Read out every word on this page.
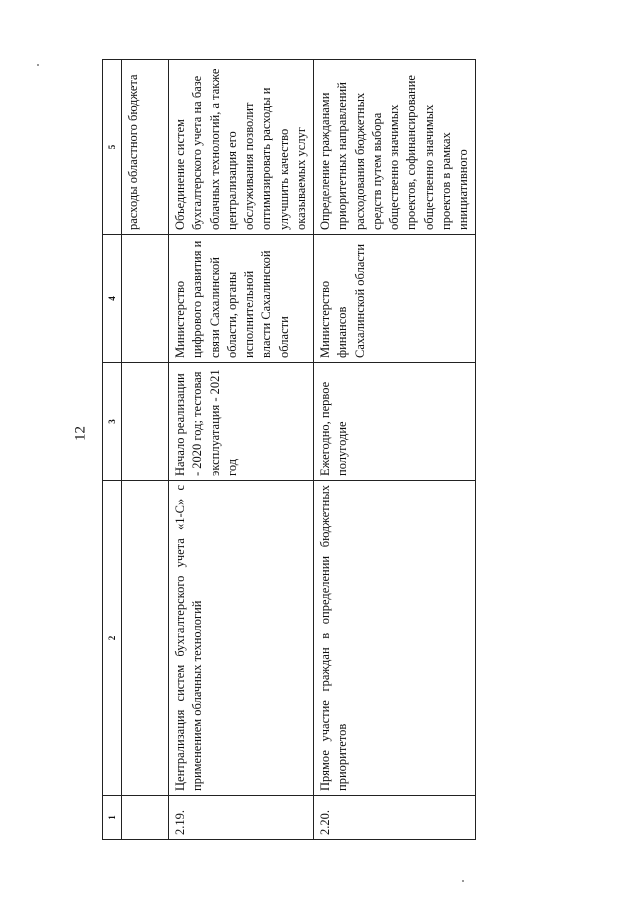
12
1	2	3	4	5
				расходы областного бюджета
2.19.	Централизация систем бухгалтерского учета «1-С» с применением облачных технологий	Начало реализации - 2020 год; тестовая эксплуатация - 2021 год	Министерство цифрового развития и связи Сахалинской области, органы исполнительной власти Сахалинской области	Объединение систем бухгалтерского учета на базе облачных технологий, а также централизация его обслуживания позволит оптимизировать расходы и улучшить качество оказываемых услуг
2.20.	Прямое участие граждан в определении бюджетных приоритетов	Ежегодно, первое полугодие	Министерство финансов Сахалинской области	Определение гражданами приоритетных направлений расходования бюджетных средств путем выбора общественно значимых проектов, софинансирование общественно значимых проектов в рамках инициативного
